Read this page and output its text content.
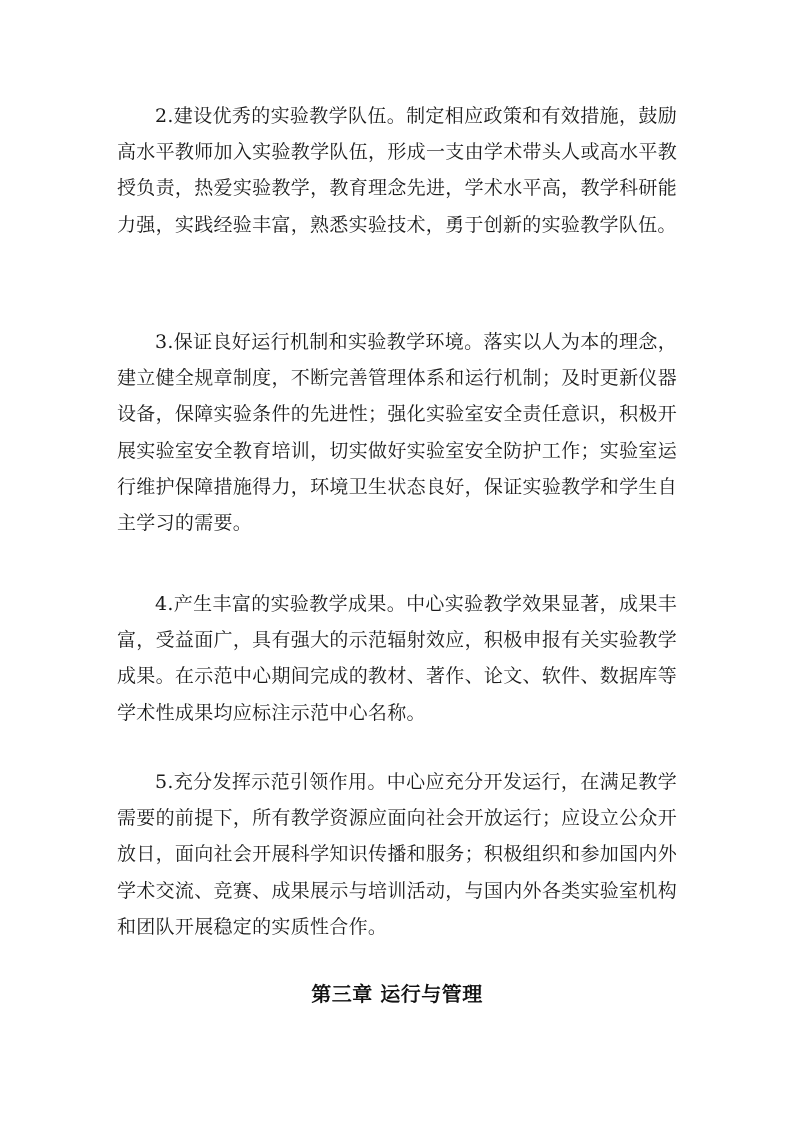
2.建设优秀的实验教学队伍。制定相应政策和有效措施，鼓励高水平教师加入实验教学队伍，形成一支由学术带头人或高水平教授负责，热爱实验教学，教育理念先进，学术水平高，教学科研能力强，实践经验丰富，熟悉实验技术，勇于创新的实验教学队伍。

3.保证良好运行机制和实验教学环境。落实以人为本的理念，建立健全规章制度，不断完善管理体系和运行机制；及时更新仪器设备，保障实验条件的先进性；强化实验室安全责任意识，积极开展实验室安全教育培训，切实做好实验室安全防护工作；实验室运行维护保障措施得力，环境卫生状态良好，保证实验教学和学生自主学习的需要。

4.产生丰富的实验教学成果。中心实验教学效果显著，成果丰富，受益面广，具有强大的示范辐射效应，积极申报有关实验教学成果。在示范中心期间完成的教材、著作、论文、软件、数据库等学术性成果均应标注示范中心名称。

5.充分发挥示范引领作用。中心应充分开发运行，在满足教学需要的前提下，所有教学资源应面向社会开放运行；应设立公众开放日，面向社会开展科学知识传播和服务；积极组织和参加国内外学术交流、竞赛、成果展示与培训活动，与国内外各类实验室机构和团队开展稳定的实质性合作。

第三章 运行与管理
